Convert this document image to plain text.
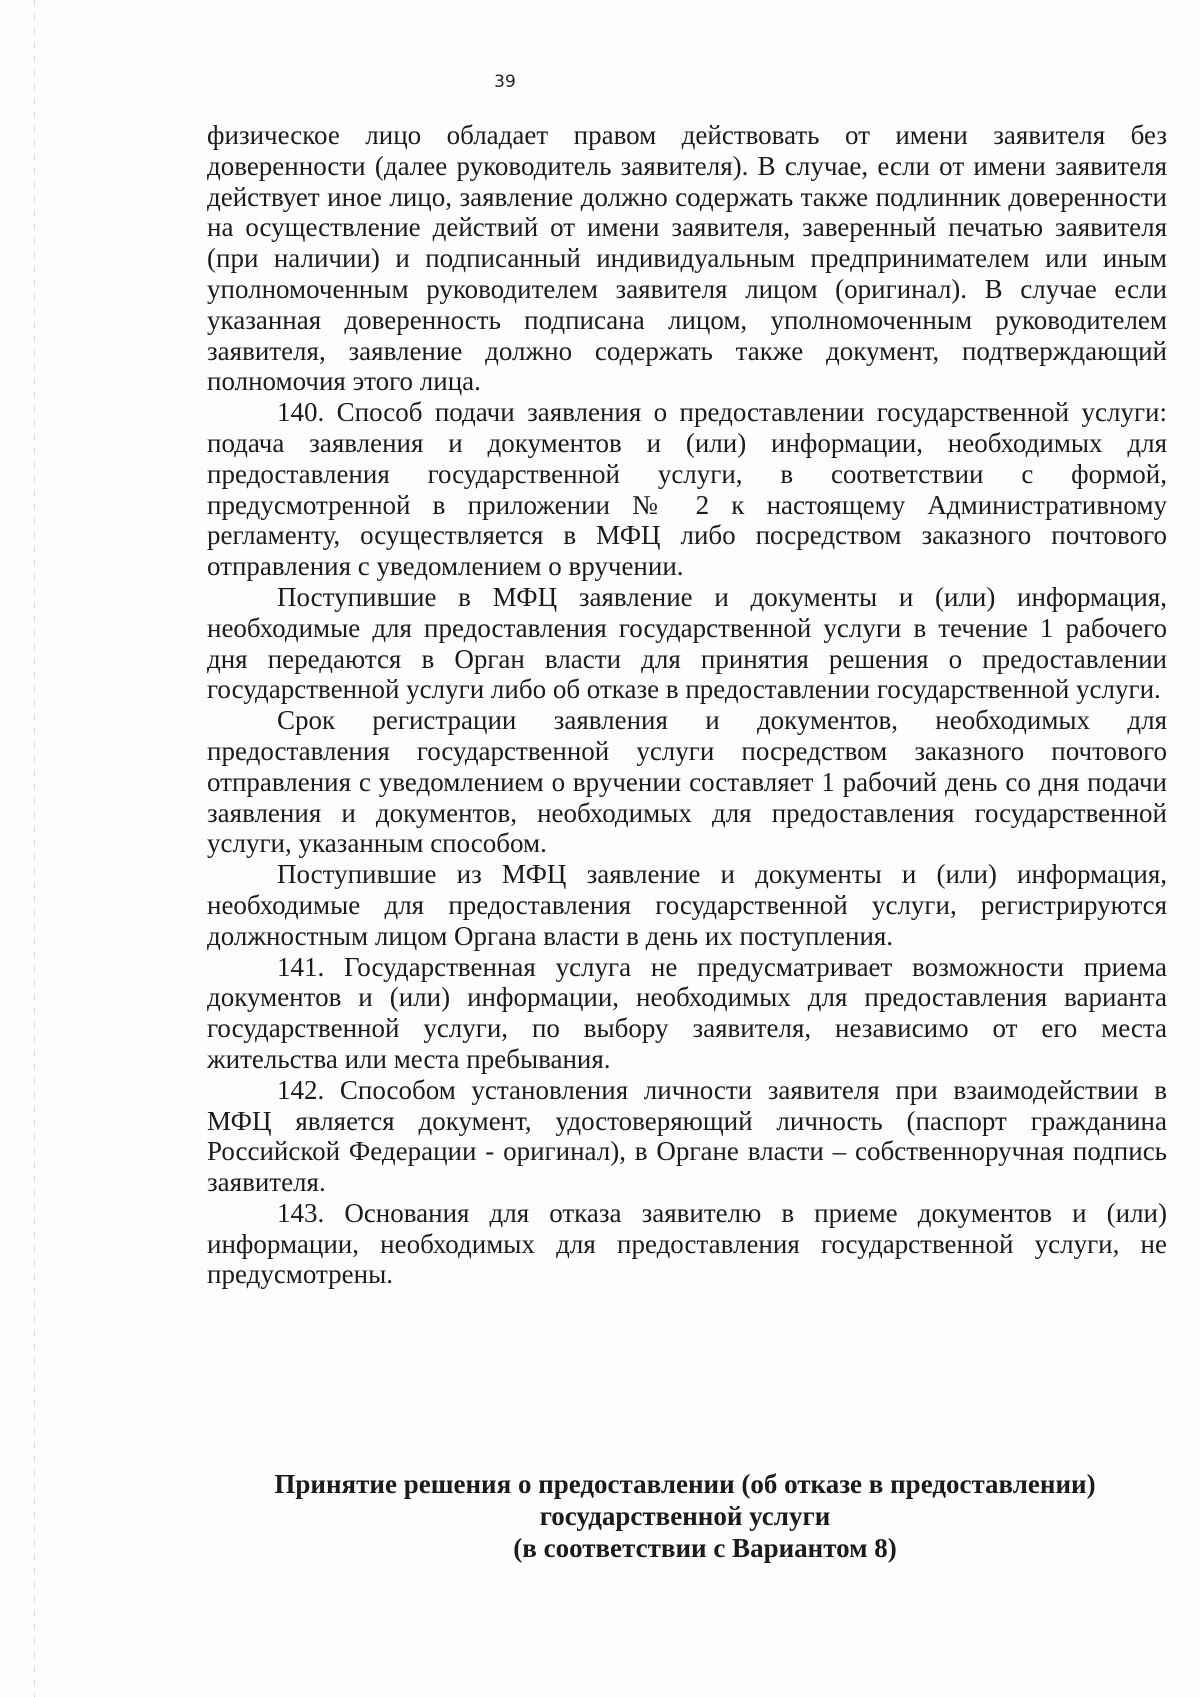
39

физическое лицо обладает правом действовать от имени заявителя без доверенности (далее руководитель заявителя). В случае, если от имени заявителя действует иное лицо, заявление должно содержать также подлинник доверенности на осуществление действий от имени заявителя, заверенный печатью заявителя (при наличии) и подписанный индивидуальным предпринимателем или иным уполномоченным руководителем заявителя лицом (оригинал). В случае если указанная доверенность подписана лицом, уполномоченным руководителем заявителя, заявление должно содержать также документ, подтверждающий полномочия этого лица.

140. Способ подачи заявления о предоставлении государственной услуги: подача заявления и документов и (или) информации, необходимых для предоставления государственной услуги, в соответствии с формой, предусмотренной в приложении № 2 к настоящему Административному регламенту, осуществляется в МФЦ либо посредством заказного почтового отправления с уведомлением о вручении.

Поступившие в МФЦ заявление и документы и (или) информация, необходимые для предоставления государственной услуги в течение 1 рабочего дня передаются в Орган власти для принятия решения о предоставлении государственной услуги либо об отказе в предоставлении государственной услуги.

Срок регистрации заявления и документов, необходимых для предоставления государственной услуги посредством заказного почтового отправления с уведомлением о вручении составляет 1 рабочий день со дня подачи заявления и документов, необходимых для предоставления государственной услуги, указанным способом.

Поступившие из МФЦ заявление и документы и (или) информация, необходимые для предоставления государственной услуги, регистрируются должностным лицом Органа власти в день их поступления.

141. Государственная услуга не предусматривает возможности приема документов и (или) информации, необходимых для предоставления варианта государственной услуги, по выбору заявителя, независимо от его места жительства или места пребывания.

142. Способом установления личности заявителя при взаимодействии в МФЦ является документ, удостоверяющий личность (паспорт гражданина Российской Федерации - оригинал), в Органе власти – собственноручная подпись заявителя.

143. Основания для отказа заявителю в приеме документов и (или) информации, необходимых для предоставления государственной услуги, не предусмотрены.

Принятие решения о предоставлении (об отказе в предоставлении)
государственной услуги
(в соответствии с Вариантом 8)
